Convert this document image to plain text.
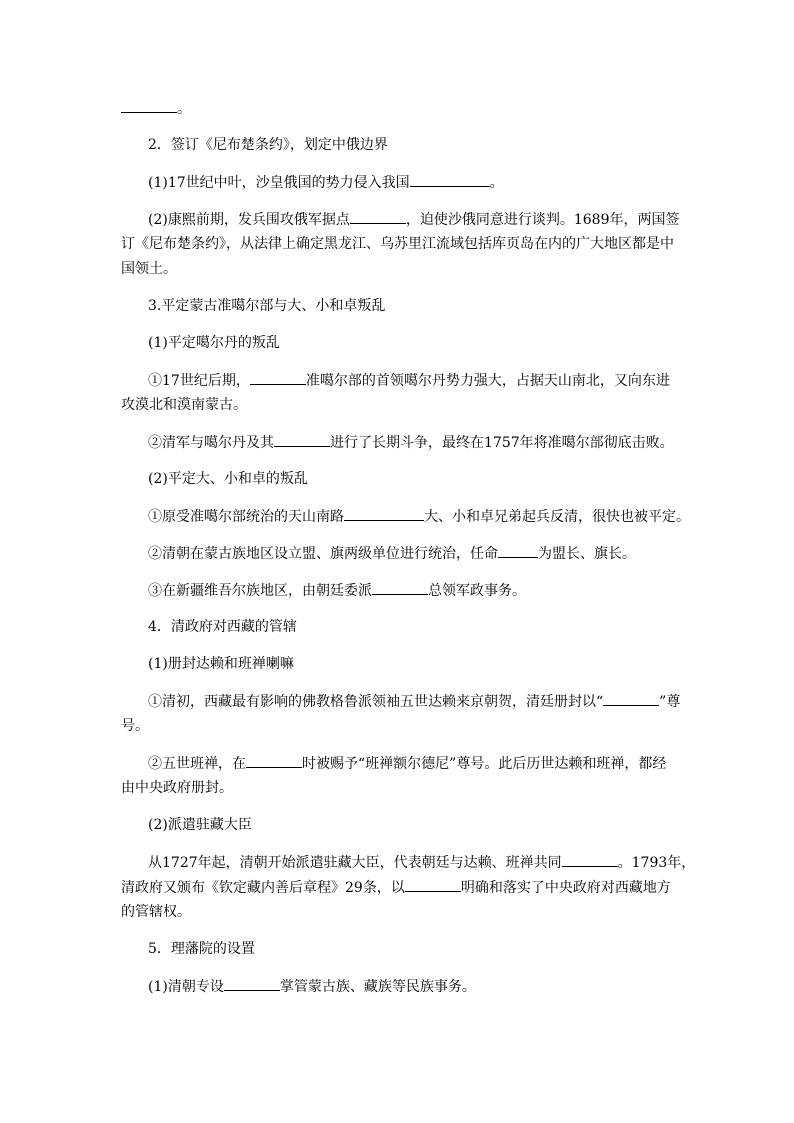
。
2．签订《尼布楚条约》，划定中俄边界
(1)17世纪中叶，沙皇俄国的势力侵入我国	。
(2)康熙前期，发兵围攻俄军据点	，迫使沙俄同意进行谈判。1689年，两国签
订《尼布楚条约》，从法律上确定黑龙江、乌苏里江流域包括库页岛在内的广大地区都是中
国领土。
3.平定蒙古准噶尔部与大、小和卓叛乱
(1)平定噶尔丹的叛乱
①17世纪后期，	准噶尔部的首领噶尔丹势力强大，占据天山南北，又向东进
攻漠北和漠南蒙古。
②清军与噶尔丹及其	进行了长期斗争，最终在1757年将准噶尔部彻底击败。
(2)平定大、小和卓的叛乱
①原受准噶尔部统治的天山南路	大、小和卓兄弟起兵反清，很快也被平定。
②清朝在蒙古族地区设立盟、旗两级单位进行统治，任命	为盟长、旗长。
③在新疆维吾尔族地区，由朝廷委派	总领军政事务。
4．清政府对西藏的管辖
(1)册封达赖和班禅喇嘛
①清初，西藏最有影响的佛教格鲁派领袖五世达赖来京朝贺，清廷册封以“	”尊
号。
②五世班禅，在	时被赐予“班禅额尔德尼”尊号。此后历世达赖和班禅，都经
由中央政府册封。
(2)派遣驻藏大臣
从1727年起，清朝开始派遣驻藏大臣，代表朝廷与达赖、班禅共同	。1793年，
清政府又颁布《钦定藏内善后章程》29条，以	明确和落实了中央政府对西藏地方
的管辖权。
5．理藩院的设置
(1)清朝专设	掌管蒙古族、藏族等民族事务。
